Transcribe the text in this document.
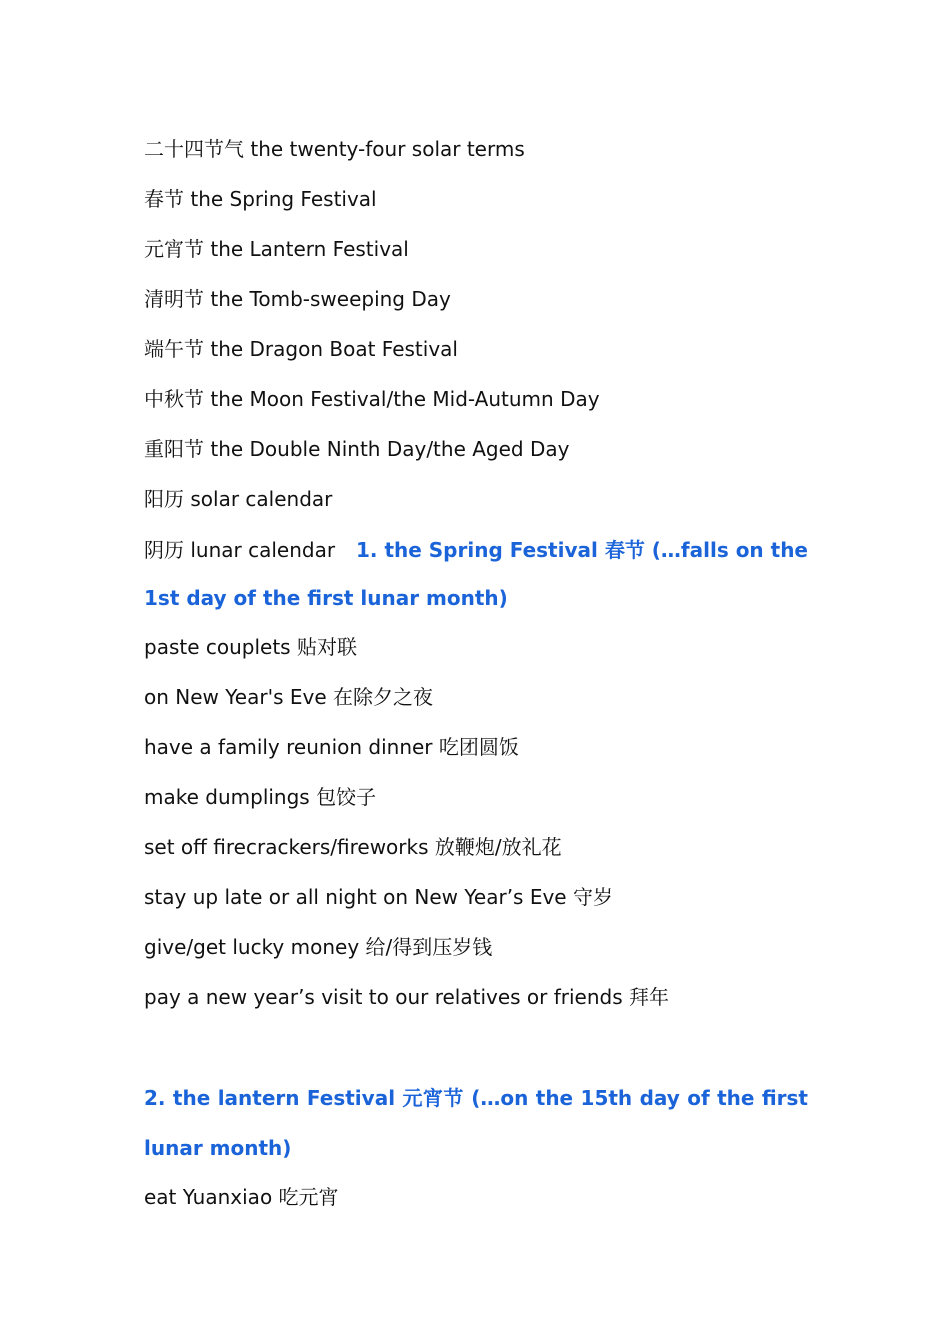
二十四节气 the twenty-four solar terms
春节 the Spring Festival
元宵节 the Lantern Festival
清明节 the Tomb-sweeping Day
端午节 the Dragon Boat Festival
中秋节 the Moon Festival/the Mid-Autumn Day
重阳节 the Double Ninth Day/the Aged Day
阳历 solar calendar
阴历 lunar calendar 1. the Spring Festival 春节 (…falls on the
1st day of the first lunar month)
paste couplets 贴对联
on New Year's Eve 在除夕之夜
have a family reunion dinner 吃团圆饭
make dumplings 包饺子
set off firecrackers/fireworks 放鞭炮/放礼花
stay up late or all night on New Year’s Eve 守岁
give/get lucky money 给/得到压岁钱
pay a new year’s visit to our relatives or friends 拜年
2. the lantern Festival 元宵节 (…on the 15th day of the first
lunar month)
eat Yuanxiao 吃元宵
